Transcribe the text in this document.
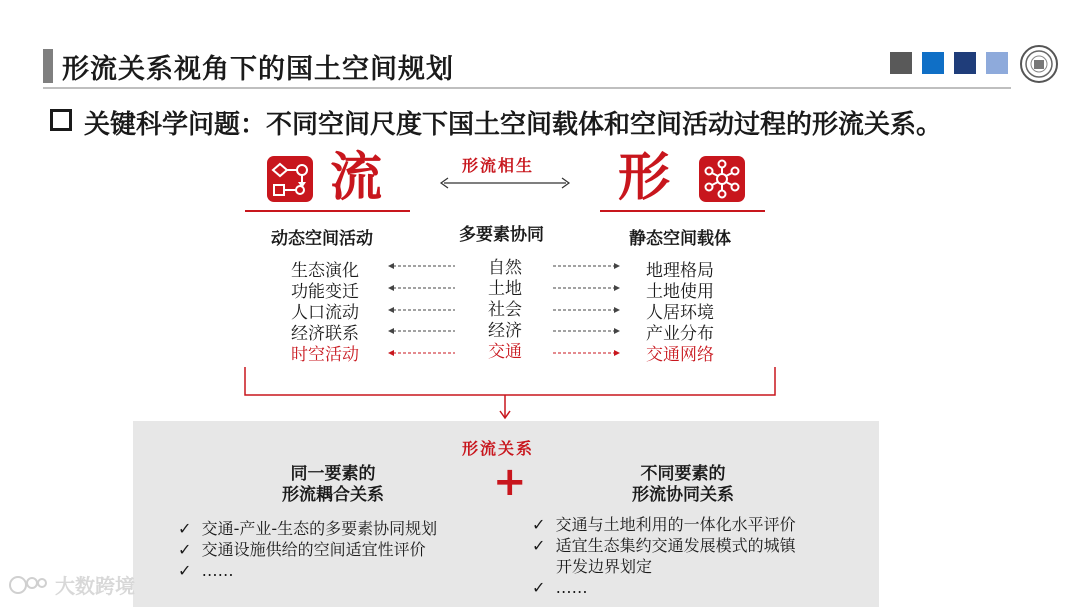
形流关系视角下的国土空间规划
关键科学问题：不同空间尺度下国土空间载体和空间活动过程的形流关系。
流
动态空间活动
形流相生
多要素协同
形
静态空间载体
生态演化
功能变迁
人口流动
经济联系
时空活动
自然
土地
社会
经济
交通
地理格局
土地使用
人居环境
产业分布
交通网络
形流关系
同一要素的
形流耦合关系	+	不同要素的
形流协同关系
✓ 交通-产业-生态的多要素协同规划
✓ 交通设施供给的空间适宜性评价
✓ ……
✓ 交通与土地利用的一体化水平评价
✓ 适宜生态集约交通发展模式的城镇
开发边界划定
✓ ……
大数跨境
